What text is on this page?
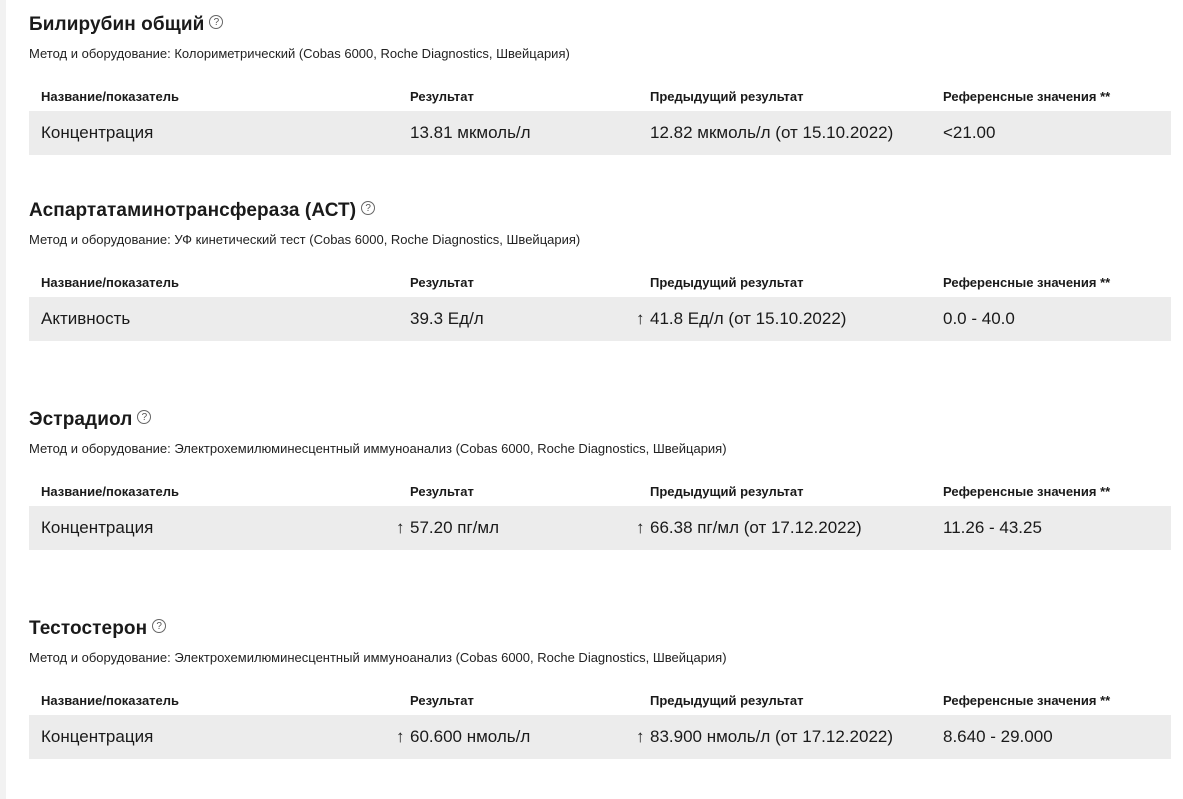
Билирубин общий ?
Метод и оборудование: Колориметрический (Cobas 6000, Roche Diagnostics, Швейцария)
Название/показатель	Результат	Предыдущий результат	Референсные значения **
Концентрация	13.81 мкмоль/л	12.82 мкмоль/л (от 15.10.2022)	<21.00
Аспартатаминотрансфераза (АСТ) ?
Метод и оборудование: УФ кинетический тест (Cobas 6000, Roche Diagnostics, Швейцария)
Название/показатель	Результат	Предыдущий результат	Референсные значения **
Активность	39.3 Ед/л	↑ 41.8 Ед/л (от 15.10.2022)	0.0 - 40.0
Эстрадиол ?
Метод и оборудование: Электрохемилюминесцентный иммуноанализ (Cobas 6000, Roche Diagnostics, Швейцария)
Название/показатель	Результат	Предыдущий результат	Референсные значения **
Концентрация	↑ 57.20 пг/мл	↑ 66.38 пг/мл (от 17.12.2022)	11.26 - 43.25
Тестостерон ?
Метод и оборудование: Электрохемилюминесцентный иммуноанализ (Cobas 6000, Roche Diagnostics, Швейцария)
Название/показатель	Результат	Предыдущий результат	Референсные значения **
Концентрация	↑ 60.600 нмоль/л	↑ 83.900 нмоль/л (от 17.12.2022)	8.640 - 29.000
